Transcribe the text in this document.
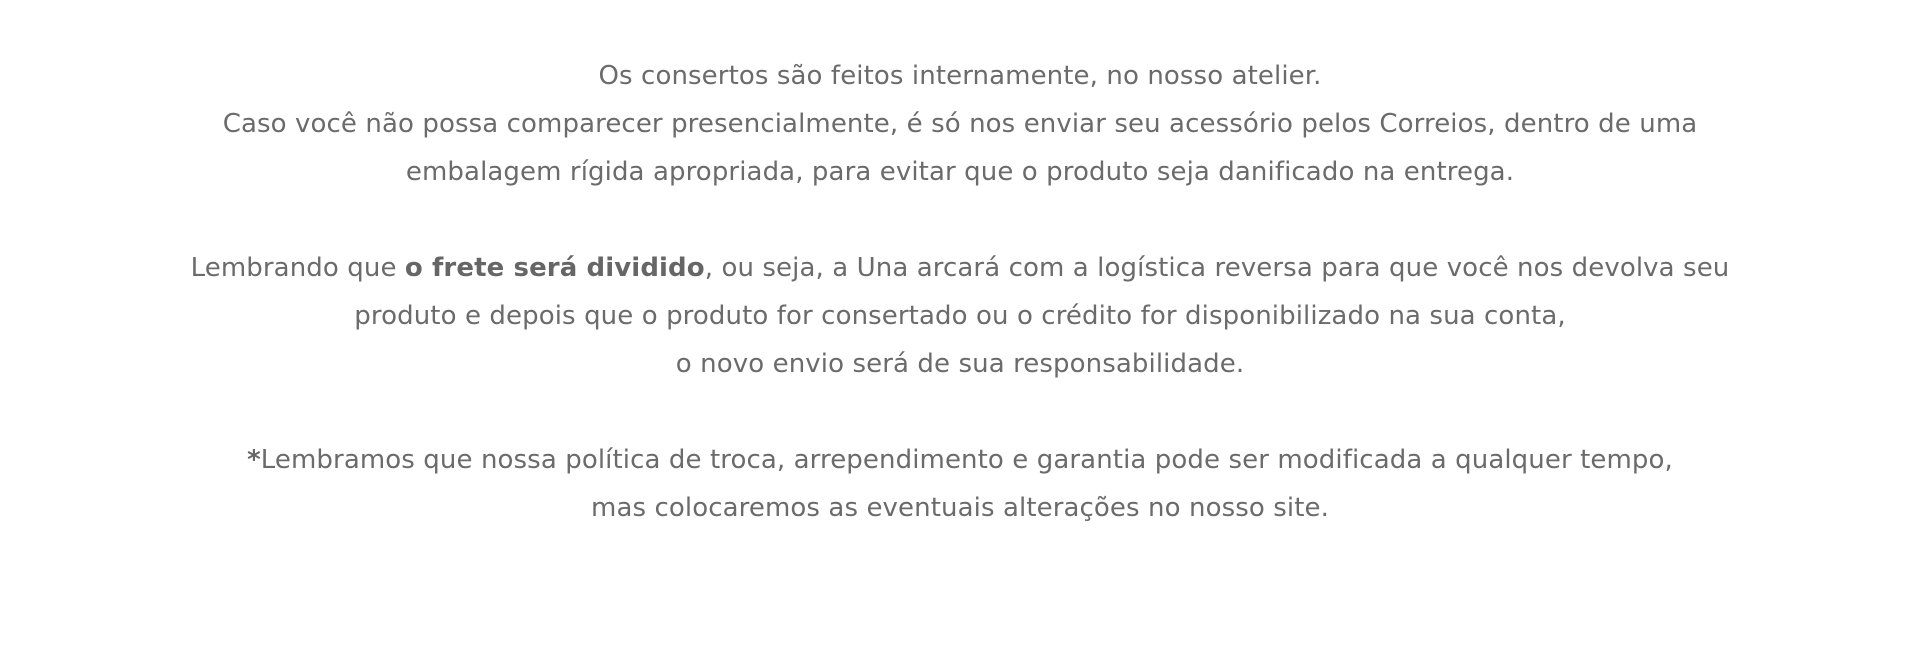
Os consertos são feitos internamente, no nosso atelier.
Caso você não possa comparecer presencialmente, é só nos enviar seu acessório pelos Correios, dentro de uma
embalagem rígida apropriada, para evitar que o produto seja danificado na entrega.

Lembrando que o frete será dividido, ou seja, a Una arcará com a logística reversa para que você nos devolva seu
produto e depois que o produto for consertado ou o crédito for disponibilizado na sua conta,
o novo envio será de sua responsabilidade.

*Lembramos que nossa política de troca, arrependimento e garantia pode ser modificada a qualquer tempo,
mas colocaremos as eventuais alterações no nosso site.
